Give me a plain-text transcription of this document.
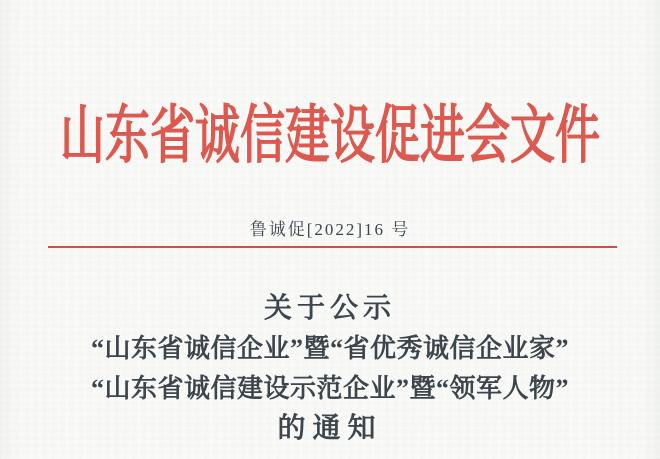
山东省诚信建设促进会文件
鲁诚促[2022]16 号
关于公示
“山东省诚信企业”暨“省优秀诚信企业家”
“山东省诚信建设示范企业”暨“领军人物”
的通知
